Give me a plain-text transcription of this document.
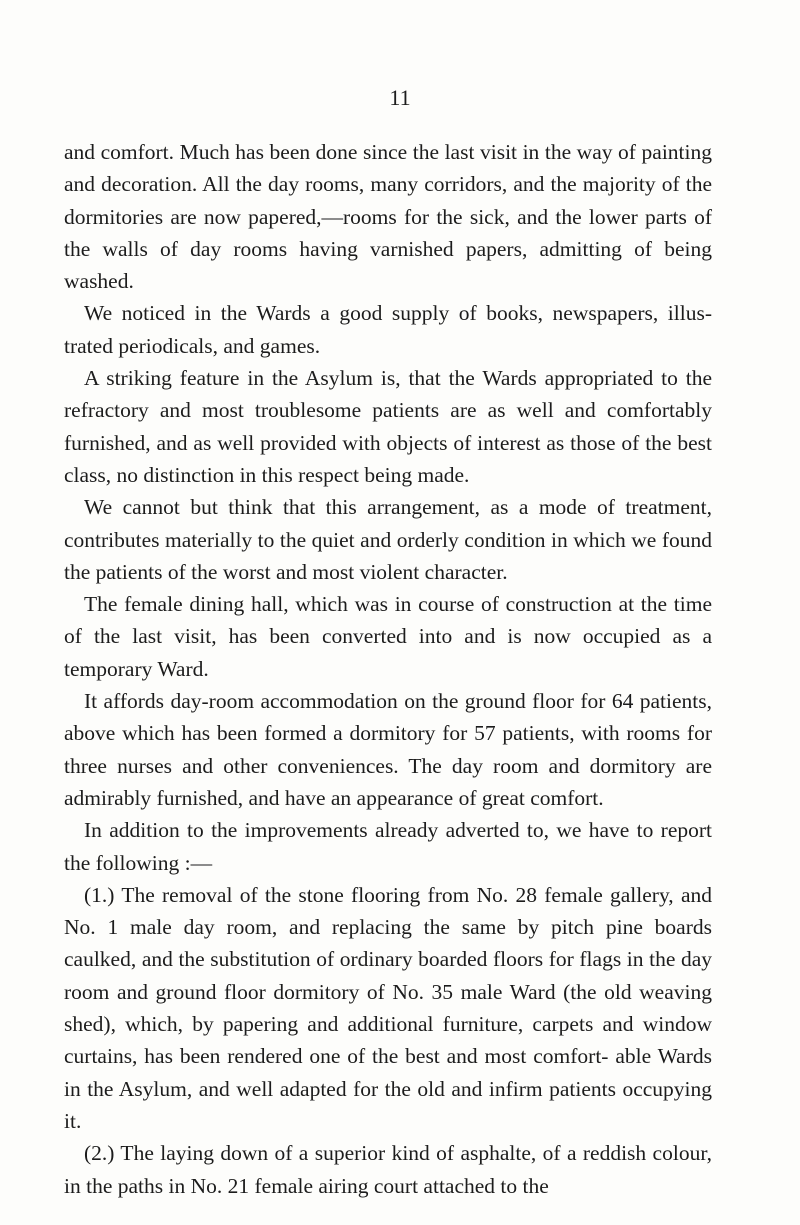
11

and comfort. Much has been done since the last visit in the way of painting and decoration. All the day rooms, many corridors, and the majority of the dormitories are now papered,—rooms for the sick, and the lower parts of the walls of day rooms having varnished papers, admitting of being washed.

We noticed in the Wards a good supply of books, newspapers, illus- trated periodicals, and games.

A striking feature in the Asylum is, that the Wards appropriated to the refractory and most troublesome patients are as well and comfortably furnished, and as well provided with objects of interest as those of the best class, no distinction in this respect being made.

We cannot but think that this arrangement, as a mode of treatment, contributes materially to the quiet and orderly condition in which we found the patients of the worst and most violent character.

The female dining hall, which was in course of construction at the time of the last visit, has been converted into and is now occupied as a temporary Ward.

It affords day-room accommodation on the ground floor for 64 patients, above which has been formed a dormitory for 57 patients, with rooms for three nurses and other conveniences. The day room and dormitory are admirably furnished, and have an appearance of great comfort.

In addition to the improvements already adverted to, we have to report the following :—

(1.) The removal of the stone flooring from No. 28 female gallery, and No. 1 male day room, and replacing the same by pitch pine boards caulked, and the substitution of ordinary boarded floors for flags in the day room and ground floor dormitory of No. 35 male Ward (the old weaving shed), which, by papering and additional furniture, carpets and window curtains, has been rendered one of the best and most comfort- able Wards in the Asylum, and well adapted for the old and infirm patients occupying it.

(2.) The laying down of a superior kind of asphalte, of a reddish colour, in the paths in No. 21 female airing court attached to the
